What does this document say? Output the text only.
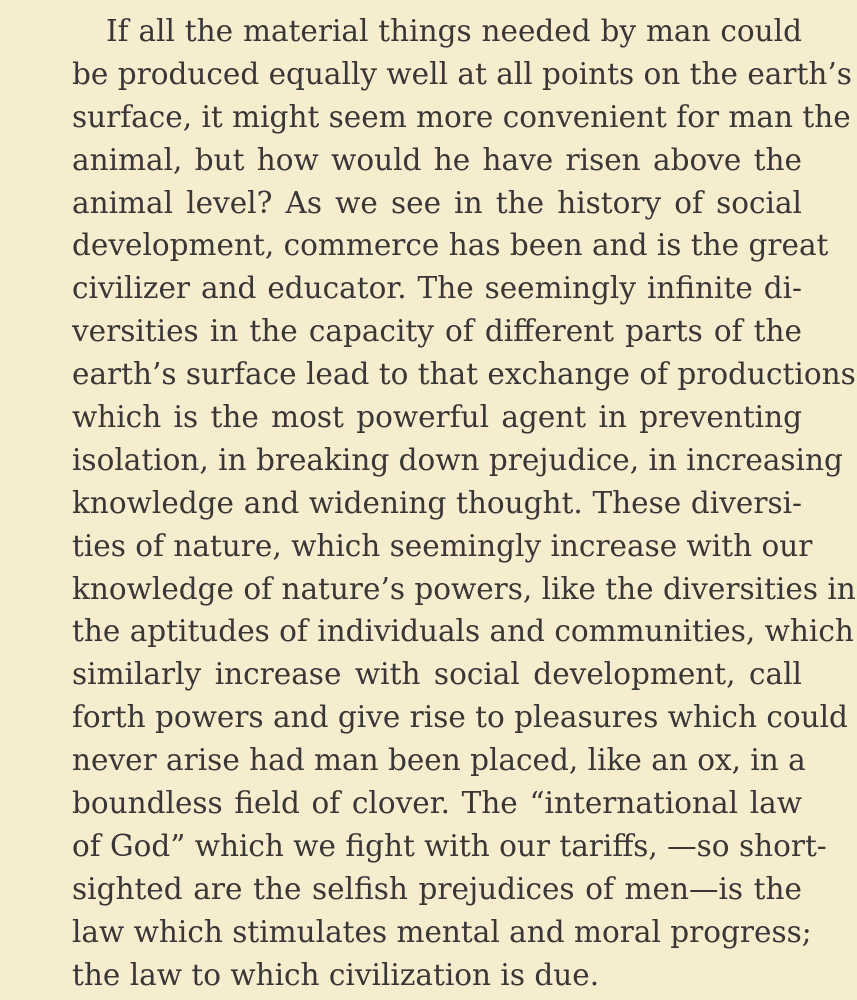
If all the material things needed by man could
be produced equally well at all points on the earth’s
surface, it might seem more convenient for man the
animal, but how would he have risen above the
animal level? As we see in the history of social
development, commerce has been and is the great
civilizer and educator. The seemingly infinite di-
versities in the capacity of different parts of the
earth’s surface lead to that exchange of productions
which is the most powerful agent in preventing
isolation, in breaking down prejudice, in increasing
knowledge and widening thought. These diversi-
ties of nature, which seemingly increase with our
knowledge of nature’s powers, like the diversities in
the aptitudes of individuals and communities, which
similarly increase with social development, call
forth powers and give rise to pleasures which could
never arise had man been placed, like an ox, in a
boundless field of clover. The “international law
of God” which we fight with our tariffs, —so short-
sighted are the selfish prejudices of men—is the
law which stimulates mental and moral progress;
the law to which civilization is due.
